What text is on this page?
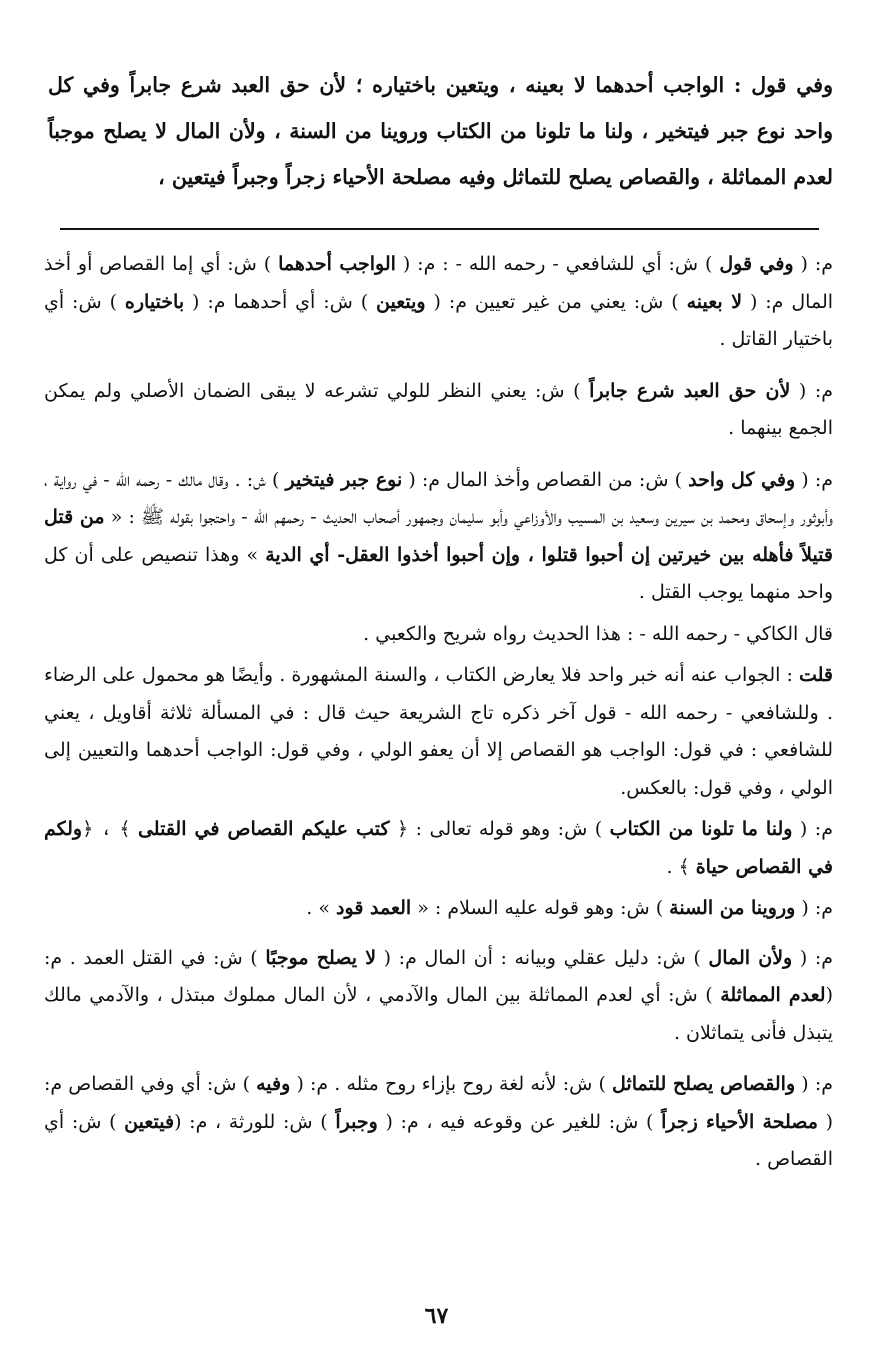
وفي قول : الواجب أحدهما لا بعينه ، ويتعين باختياره ؛ لأن حق العبد شرع جابراً وفي كل واحد نوع جبر فيتخير ، ولنا ما تلونا من الكتاب وروينا من السنة ، ولأن المال لا يصلح موجباً لعدم المماثلة ، والقصاص يصلح للتماثل وفيه مصلحة الأحياء زجراً وجبراً فيتعين ،

م: ( وفي قول ) ش: أي للشافعي - رحمه الله - : م: ( الواجب أحدهما ) ش: أي إما القصاص أو أخذ المال م: ( لا بعينه ) ش: يعني من غير تعيين م: ( ويتعين ) ش: أي أحدهما م: ( باختياره ) ش: أي باختيار القاتل .

م: ( لأن حق العبد شرع جابراً ) ش: يعني النظر للولي تشرعه لا يبقى الضمان الأصلي ولم يمكن الجمع بينهما .

م: ( وفي كل واحد ) ش: من القصاص وأخذ المال م: ( نوع جبر فيتخير ) ش: . وقال مالك - رحمه الله - في رواية ، وأبوثور وإسحاق ومحمد بن سيرين وسعيد بن المسيب والأوزاعي وأبو سليمان وجمهور أصحاب الحديث - رحمهم الله - واحتجوا بقوله ﷺ : « من قتل قتيلاً فأهله بين خيرتين إن أحبوا قتلوا ، وإن أحبوا أخذوا العقل- أي الدية » وهذا تنصيص على أن كل واحد منهما يوجب القتل .

قال الكاكي - رحمه الله - : هذا الحديث رواه شريح والكعبي .

قلت : الجواب عنه أنه خبر واحد فلا يعارض الكتاب ، والسنة المشهورة . وأيضًا هو محمول على الرضاء . وللشافعي - رحمه الله - قول آخر ذكره تاج الشريعة حيث قال : في المسألة ثلاثة أقاويل ، يعني للشافعي : في قول: الواجب هو القصاص إلا أن يعفو الولي ، وفي قول: الواجب أحدهما والتعيين إلى الولي ، وفي قول: بالعكس.

م: ( ولنا ما تلونا من الكتاب ) ش: وهو قوله تعالى : ﴿ كتب عليكم القصاص في القتلى ﴾ ، ﴿ولكم في القصاص حياة ﴾ .

م: ( وروينا من السنة ) ش: وهو قوله عليه السلام : « العمد قود » .

م: ( ولأن المال ) ش: دليل عقلي وبيانه : أن المال م: ( لا يصلح موجبًا ) ش: في القتل العمد . م: (لعدم المماثلة ) ش: أي لعدم المماثلة بين المال والآدمي ، لأن المال مملوك مبتذل ، والآدمي مالك يتبذل فأنى يتماثلان .

م: ( والقصاص يصلح للتماثل ) ش: لأنه لغة روح بإزاء روح مثله . م: ( وفيه ) ش: أي وفي القصاص م: ( مصلحة الأحياء زجراً ) ش: للغير عن وقوعه فيه ، م: ( وجبراً ) ش: للورثة ، م: (فيتعين ) ش: أي القصاص .

٦٧
